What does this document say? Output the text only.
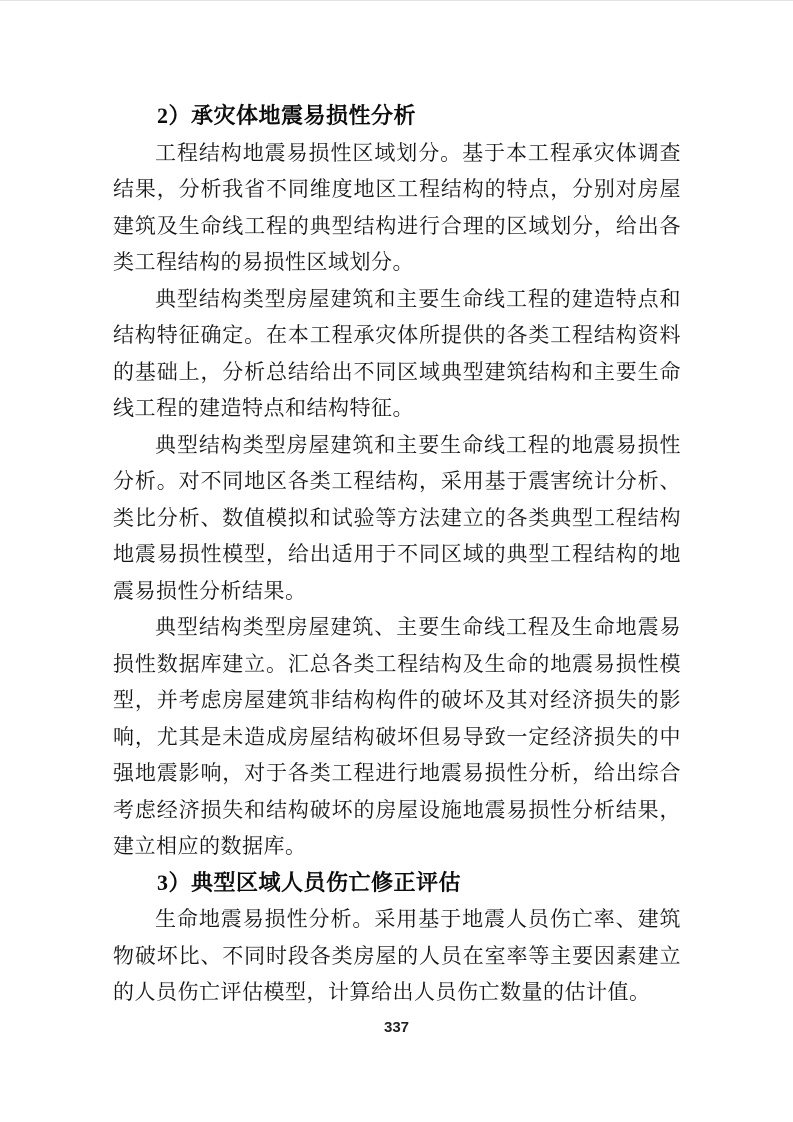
2）承灾体地震易损性分析

工程结构地震易损性区域划分。基于本工程承灾体调查结果，分析我省不同维度地区工程结构的特点，分别对房屋建筑及生命线工程的典型结构进行合理的区域划分，给出各类工程结构的易损性区域划分。

典型结构类型房屋建筑和主要生命线工程的建造特点和结构特征确定。在本工程承灾体所提供的各类工程结构资料的基础上，分析总结给出不同区域典型建筑结构和主要生命线工程的建造特点和结构特征。

典型结构类型房屋建筑和主要生命线工程的地震易损性分析。对不同地区各类工程结构，采用基于震害统计分析、类比分析、数值模拟和试验等方法建立的各类典型工程结构地震易损性模型，给出适用于不同区域的典型工程结构的地震易损性分析结果。

典型结构类型房屋建筑、主要生命线工程及生命地震易损性数据库建立。汇总各类工程结构及生命的地震易损性模型，并考虑房屋建筑非结构构件的破坏及其对经济损失的影响，尤其是未造成房屋结构破坏但易导致一定经济损失的中强地震影响，对于各类工程进行地震易损性分析，给出综合考虑经济损失和结构破坏的房屋设施地震易损性分析结果，建立相应的数据库。

3）典型区域人员伤亡修正评估

生命地震易损性分析。采用基于地震人员伤亡率、建筑物破坏比、不同时段各类房屋的人员在室率等主要因素建立的人员伤亡评估模型，计算给出人员伤亡数量的估计值。

337
